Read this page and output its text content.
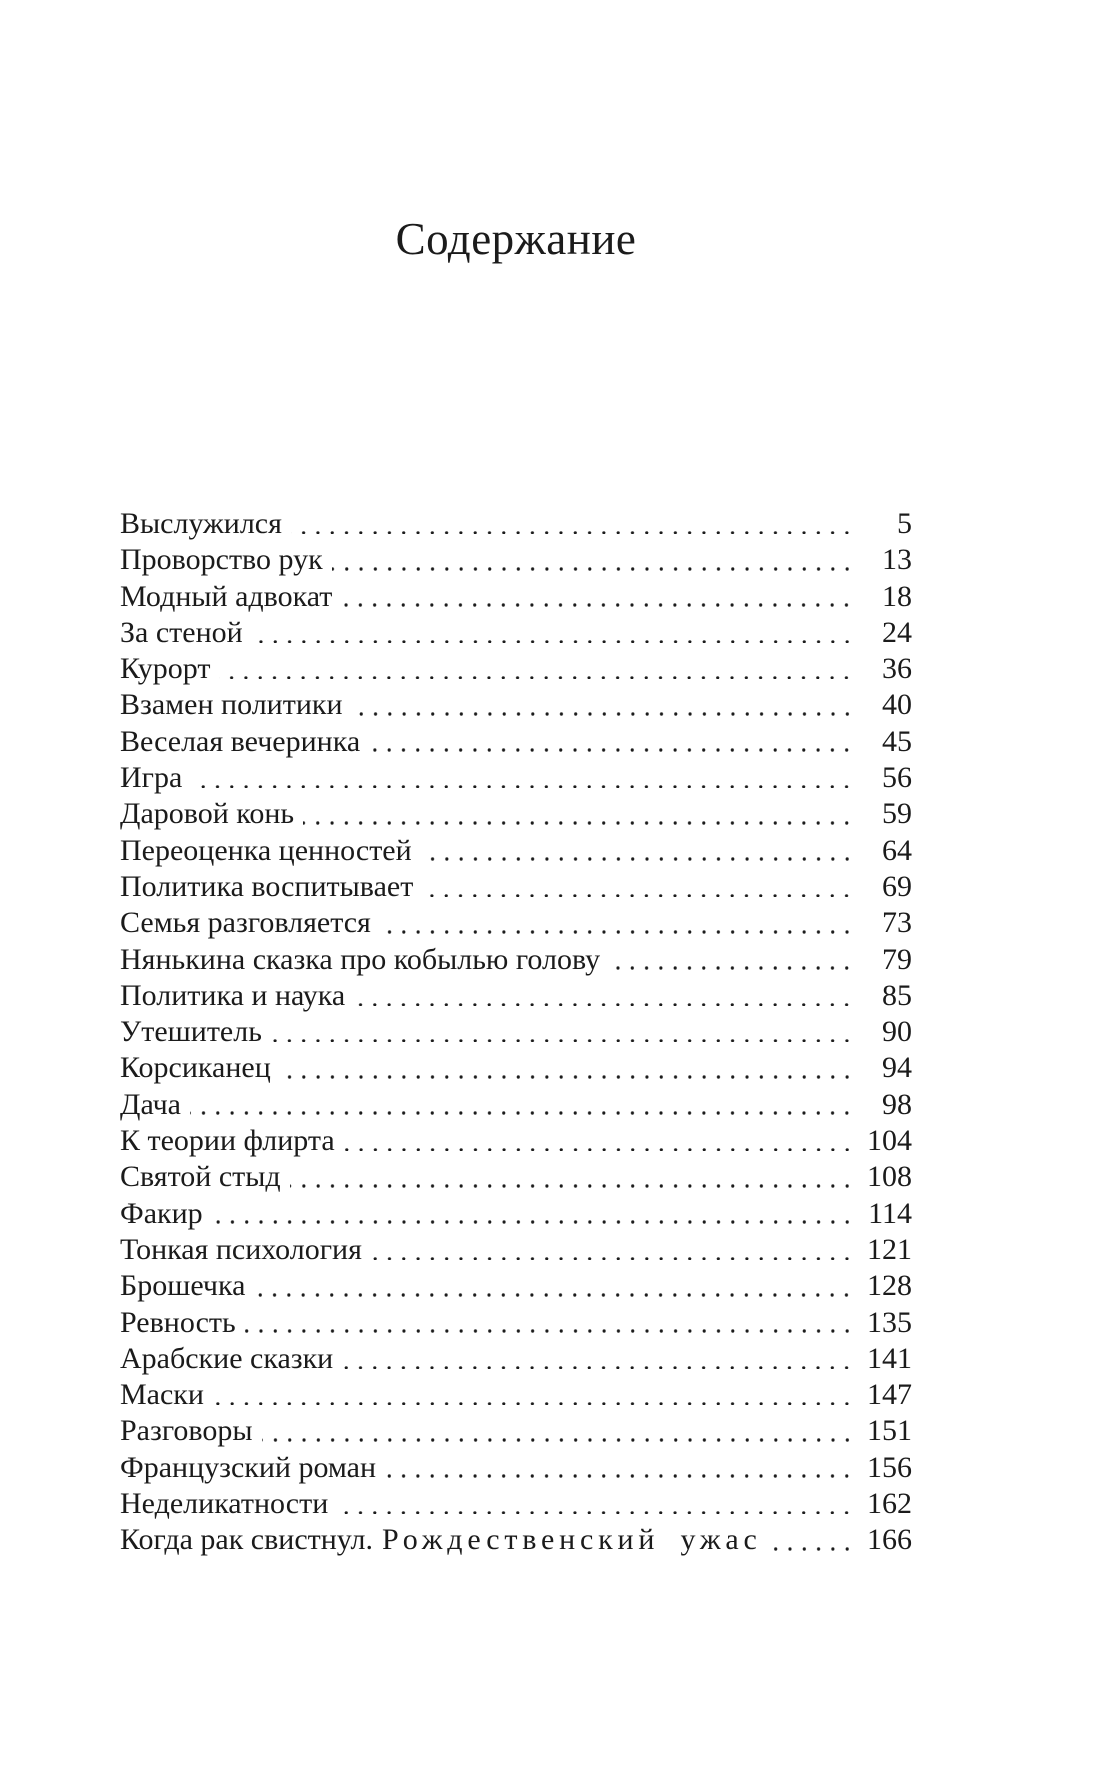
Содержание
Выслужился	5
Проворство рук	13
Модный адвокат	18
За стеной	24
Курорт	36
Взамен политики	40
Веселая вечеринка	45
Игра	56
Даровой конь	59
Переоценка ценностей	64
Политика воспитывает	69
Семья разговляется	73
Нянькина сказка про кобылью голову	79
Политика и наука	85
Утешитель	90
Корсиканец	94
Дача	98
К теории флирта	104
Святой стыд	108
Факир	114
Тонкая психология	121
Брошечка	128
Ревность	135
Арабские сказки	141
Маски	147
Разговоры	151
Французский роман	156
Неделикатности	162
Когда рак свистнул. Рождественский ужас	166
